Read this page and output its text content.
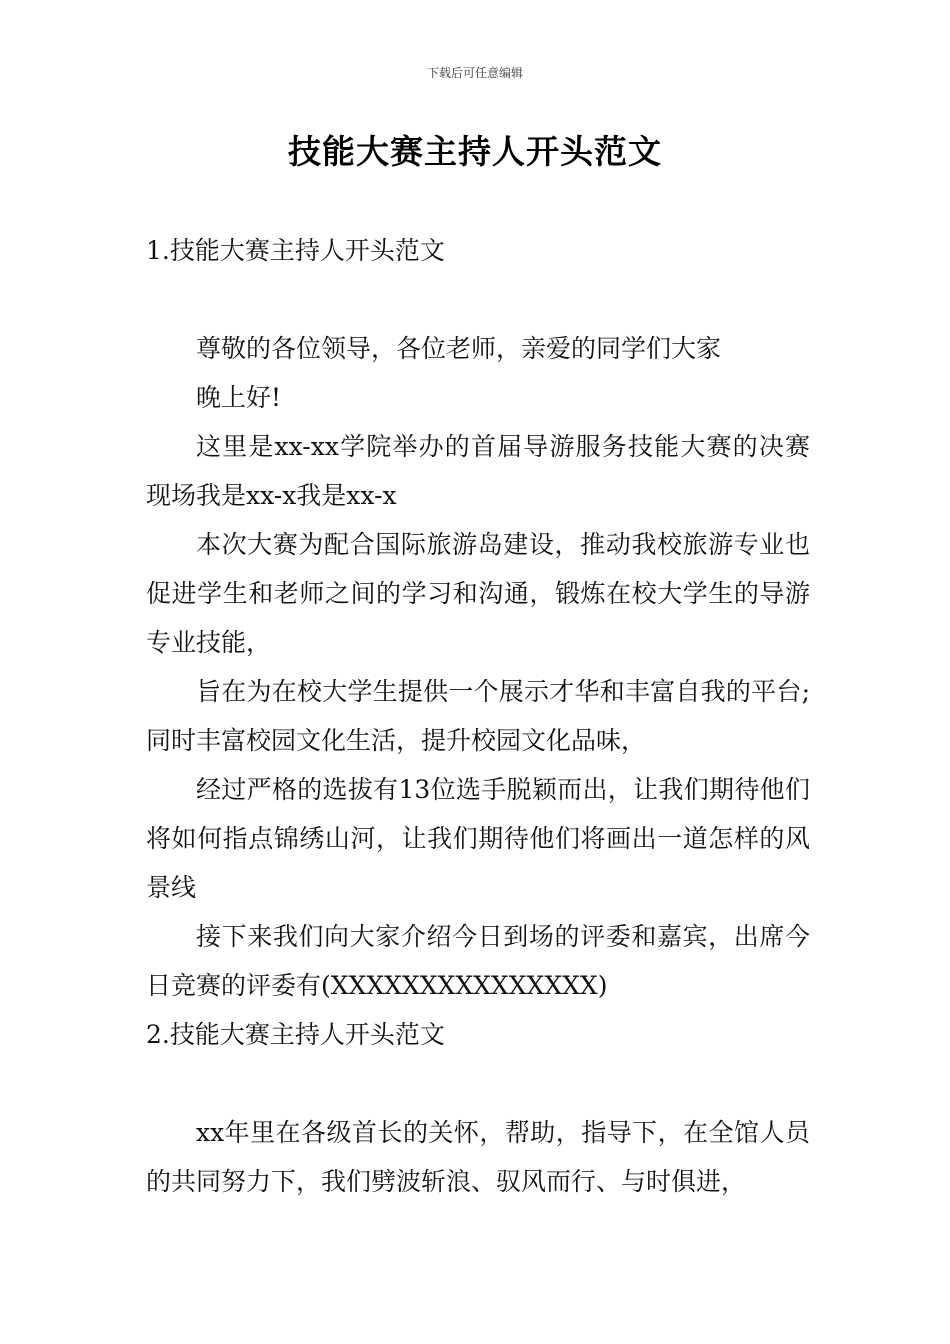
下载后可任意编辑
技能大赛主持人开头范文

1.技能大赛主持人开头范文

尊敬的各位领导，各位老师，亲爱的同学们大家

晚上好!

这里是xx-xx学院举办的首届导游服务技能大赛的决赛现场我是xx-x我是xx-x

本次大赛为配合国际旅游岛建设，推动我校旅游专业也促进学生和老师之间的学习和沟通，锻炼在校大学生的导游专业技能，

旨在为在校大学生提供一个展示才华和丰富自我的平台;同时丰富校园文化生活，提升校园文化品味，

经过严格的选拔有13位选手脱颖而出，让我们期待他们将如何指点锦绣山河，让我们期待他们将画出一道怎样的风景线

接下来我们向大家介绍今日到场的评委和嘉宾，出席今日竞赛的评委有(XXXXXXXXXXXXXXX)

2.技能大赛主持人开头范文

xx年里在各级首长的关怀，帮助，指导下，在全馆人员的共同努力下，我们劈波斩浪、驭风而行、与时俱进，
